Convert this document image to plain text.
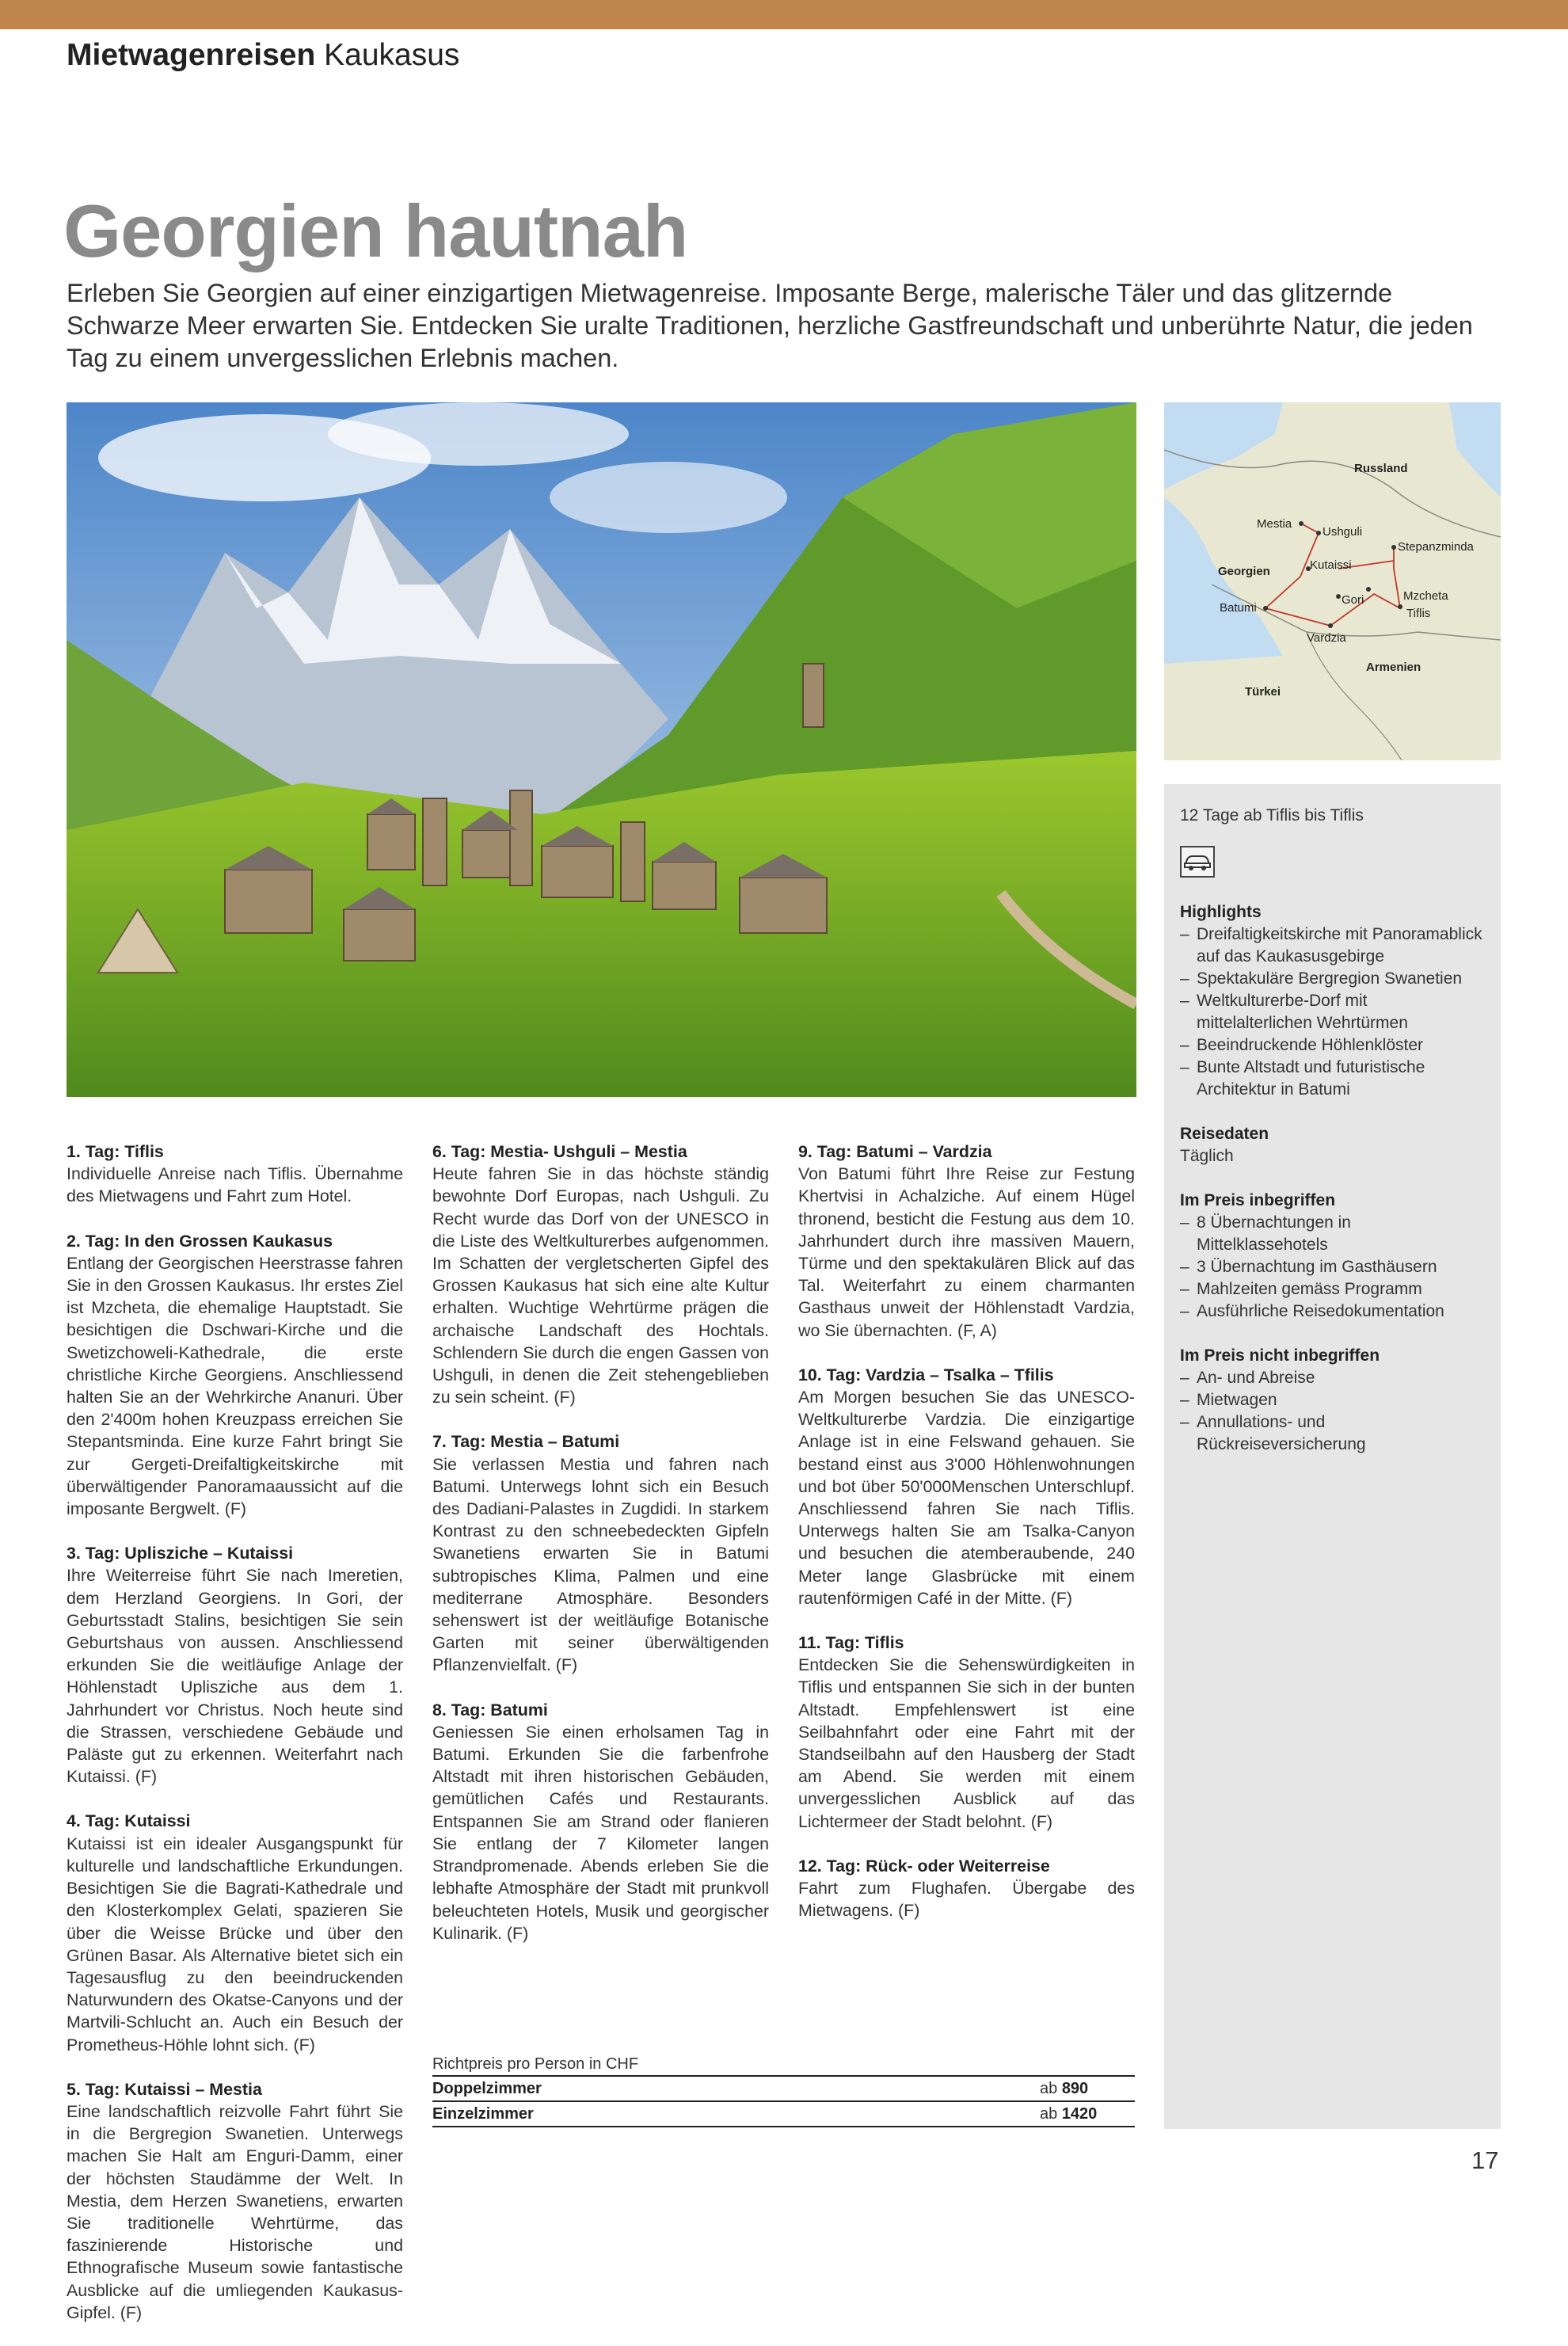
Mietwagenreisen Kaukasus
Georgien hautnah
Erleben Sie Georgien auf einer einzigartigen Mietwagenreise. Imposante Berge, malerische Täler und das glitzernde Schwarze Meer erwarten Sie. Entdecken Sie uralte Traditionen, herzliche Gastfreundschaft und unberührte Natur, die jeden Tag zu einem unvergesslichen Erlebnis machen.
Russland
Georgien
Türkei
Armenien
Mestia
Ushguli
Stepanzminda
Kutaissi
Mzcheta
Batumi
Gori
Tiflis
Vardzia
12 Tage ab Tiflis bis Tiflis
Highlights
– Dreifaltigkeitskirche mit Panoramablick auf das Kaukasusgebirge
– Spektakuläre Bergregion Swanetien
– Weltkulturerbe-Dorf mit mittelalterlichen Wehrtürmen
– Beeindruckende Höhlenklöster
– Bunte Altstadt und futuristische Architektur in Batumi
Reisedaten

Täglich

Im Preis inbegriffen
– 8 Übernachtungen in Mittelklassehotels
– 3 Übernachtung im Gasthäusern
– Mahlzeiten gemäss Programm
– Ausführliche Reisedokumentation
Im Preis nicht inbegriffen
– An- und Abreise
– Mietwagen
– Annullations- und Rückreiseversicherung
1. Tag: Tiflis

Individuelle Anreise nach Tiflis. Übernahme des Mietwagens und Fahrt zum Hotel.

2. Tag: In den Grossen Kaukasus

Entlang der Georgischen Heerstrasse fahren Sie in den Grossen Kaukasus. Ihr erstes Ziel ist Mzcheta, die ehemalige Hauptstadt. Sie besichtigen die Dschwari-Kirche und die Swetizchoweli-Kathedrale, die erste christliche Kirche Georgiens. Anschliessend halten Sie an der Wehrkirche Ananuri. Über den 2'400m hohen Kreuzpass erreichen Sie Stepantsminda. Eine kurze Fahrt bringt Sie zur Gergeti-Dreifaltigkeitskirche mit überwältigender Panoramaaussicht auf die imposante Bergwelt. (F)

3. Tag: Uplisziche – Kutaissi

Ihre Weiterreise führt Sie nach Imeretien, dem Herzland Georgiens. In Gori, der Geburtsstadt Stalins, besichtigen Sie sein Geburtshaus von aussen. Anschliessend erkunden Sie die weitläufige Anlage der Höhlenstadt Uplisziche aus dem 1. Jahrhundert vor Christus. Noch heute sind die Strassen, verschiedene Gebäude und Paläste gut zu erkennen. Weiterfahrt nach Kutaissi. (F)

4. Tag: Kutaissi

Kutaissi ist ein idealer Ausgangspunkt für kulturelle und landschaftliche Erkundungen. Besichtigen Sie die Bagrati-Kathedrale und den Klosterkomplex Gelati, spazieren Sie über die Weisse Brücke und über den Grünen Basar. Als Alternative bietet sich ein Tagesausflug zu den beeindruckenden Naturwundern des Okatse-Canyons und der Martvili-Schlucht an. Auch ein Besuch der Prometheus-Höhle lohnt sich. (F)

5. Tag: Kutaissi – Mestia

Eine landschaftlich reizvolle Fahrt führt Sie in die Bergregion Swanetien. Unterwegs machen Sie Halt am Enguri-Damm, einer der höchsten Staudämme der Welt. In Mestia, dem Herzen Swanetiens, erwarten Sie traditionelle Wehrtürme, das faszinierende Historische und Ethnografische Museum sowie fantastische Ausblicke auf die umliegenden Kaukasus-Gipfel. (F)

6. Tag: Mestia- Ushguli – Mestia

Heute fahren Sie in das höchste ständig bewohnte Dorf Europas, nach Ushguli. Zu Recht wurde das Dorf von der UNESCO in die Liste des Weltkulturerbes aufgenommen. Im Schatten der vergletscherten Gipfel des Grossen Kaukasus hat sich eine alte Kultur erhalten. Wuchtige Wehrtürme prägen die archaische Landschaft des Hochtals. Schlendern Sie durch die engen Gassen von Ushguli, in denen die Zeit stehengeblieben zu sein scheint. (F)

7. Tag: Mestia – Batumi

Sie verlassen Mestia und fahren nach Batumi. Unterwegs lohnt sich ein Besuch des Dadiani-Palastes in Zugdidi. In starkem Kontrast zu den schneebedeckten Gipfeln Swanetiens erwarten Sie in Batumi subtropisches Klima, Palmen und eine mediterrane Atmosphäre. Besonders sehenswert ist der weitläufige Botanische Garten mit seiner überwältigenden Pflanzenvielfalt. (F)

8. Tag: Batumi

Geniessen Sie einen erholsamen Tag in Batumi. Erkunden Sie die farbenfrohe Altstadt mit ihren historischen Gebäuden, gemütlichen Cafés und Restaurants. Entspannen Sie am Strand oder flanieren Sie entlang der 7 Kilometer langen Strandpromenade. Abends erleben Sie die lebhafte Atmosphäre der Stadt mit prunkvoll beleuchteten Hotels, Musik und georgischer Kulinarik. (F)

9. Tag: Batumi – Vardzia

Von Batumi führt Ihre Reise zur Festung Khertvisi in Achalziche. Auf einem Hügel thronend, besticht die Festung aus dem 10. Jahrhundert durch ihre massiven Mauern, Türme und den spektakulären Blick auf das Tal. Weiterfahrt zu einem charmanten Gasthaus unweit der Höhlenstadt Vardzia, wo Sie übernachten. (F, A)

10. Tag: Vardzia – Tsalka – Tfilis

Am Morgen besuchen Sie das UNESCO-Weltkulturerbe Vardzia. Die einzigartige Anlage ist in eine Felswand gehauen. Sie bestand einst aus 3'000 Höhlenwohnungen und bot über 50'000Menschen Unterschlupf. Anschliessend fahren Sie nach Tiflis. Unterwegs halten Sie am Tsalka-Canyon und besuchen die atemberaubende, 240 Meter lange Glasbrücke mit einem rautenförmigen Café in der Mitte. (F)

11. Tag: Tiflis

Entdecken Sie die Sehenswürdigkeiten in Tiflis und entspannen Sie sich in der bunten Altstadt. Empfehlenswert ist eine Seilbahnfahrt oder eine Fahrt mit der Standseilbahn auf den Hausberg der Stadt am Abend. Sie werden mit einem unvergesslichen Ausblick auf das Lichtermeer der Stadt belohnt. (F)

12. Tag: Rück- oder Weiterreise

Fahrt zum Flughafen. Übergabe des Mietwagens. (F)

Richtpreis pro Person in CHF
Doppelzimmer	ab 890
Einzelzimmer	ab 1420
17
